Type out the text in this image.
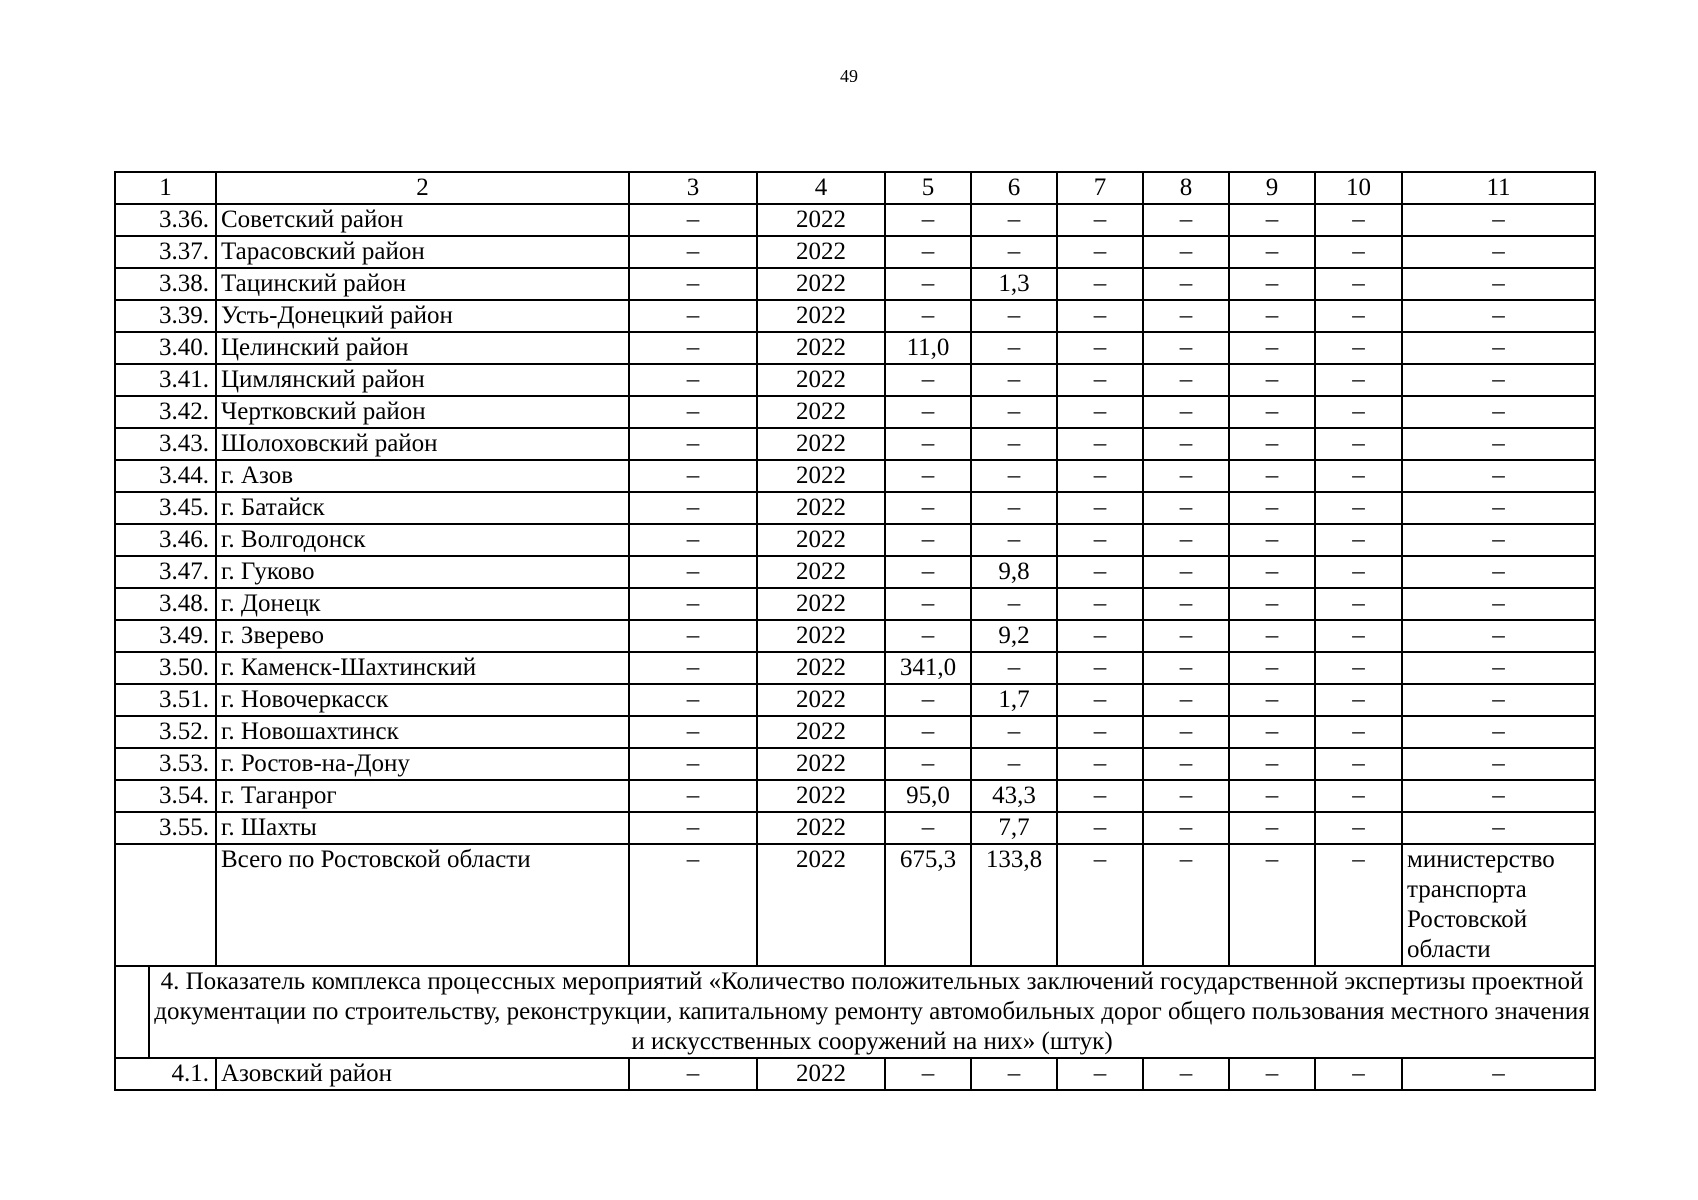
49
1		2	3	4	5	6	7	8	9	10	11
3.36.		Советский район	–	2022	–	–	–	–	–	–	–
3.37.		Тарасовский район	–	2022	–	–	–	–	–	–	–
3.38.		Тацинский район	–	2022	–	1,3	–	–	–	–	–
3.39.		Усть-Донецкий район	–	2022	–	–	–	–	–	–	–
3.40.		Целинский район	–	2022	11,0	–	–	–	–	–	–
3.41.		Цимлянский район	–	2022	–	–	–	–	–	–	–
3.42.		Чертковский район	–	2022	–	–	–	–	–	–	–
3.43.		Шолоховский район	–	2022	–	–	–	–	–	–	–
3.44.		г. Азов	–	2022	–	–	–	–	–	–	–
3.45.		г. Батайск	–	2022	–	–	–	–	–	–	–
3.46.		г. Волгодонск	–	2022	–	–	–	–	–	–	–
3.47.		г. Гуково	–	2022	–	9,8	–	–	–	–	–
3.48.		г. Донецк	–	2022	–	–	–	–	–	–	–
3.49.		г. Зверево	–	2022	–	9,2	–	–	–	–	–
3.50.		г. Каменск-Шахтинский	–	2022	341,0	–	–	–	–	–	–
3.51.		г. Новочеркасск	–	2022	–	1,7	–	–	–	–	–
3.52.		г. Новошахтинск	–	2022	–	–	–	–	–	–	–
3.53.		г. Ростов-на-Дону	–	2022	–	–	–	–	–	–	–
3.54.		г. Таганрог	–	2022	95,0	43,3	–	–	–	–	–
3.55.		г. Шахты	–	2022	–	7,7	–	–	–	–	–
		Всего по Ростовской области	–	2022	675,3	133,8	–	–	–	–	министерство транспорта Ростовской области
	4. Показатель комплекса процессных мероприятий «Количество положительных заключений государственной экспертизы проектной документации по строительству, реконструкции, капитальному ремонту автомобильных дорог общего пользования местного значения и искусственных сооружений на них» (штук)										
4.1.		Азовский район	–	2022	–	–	–	–	–	–	–
